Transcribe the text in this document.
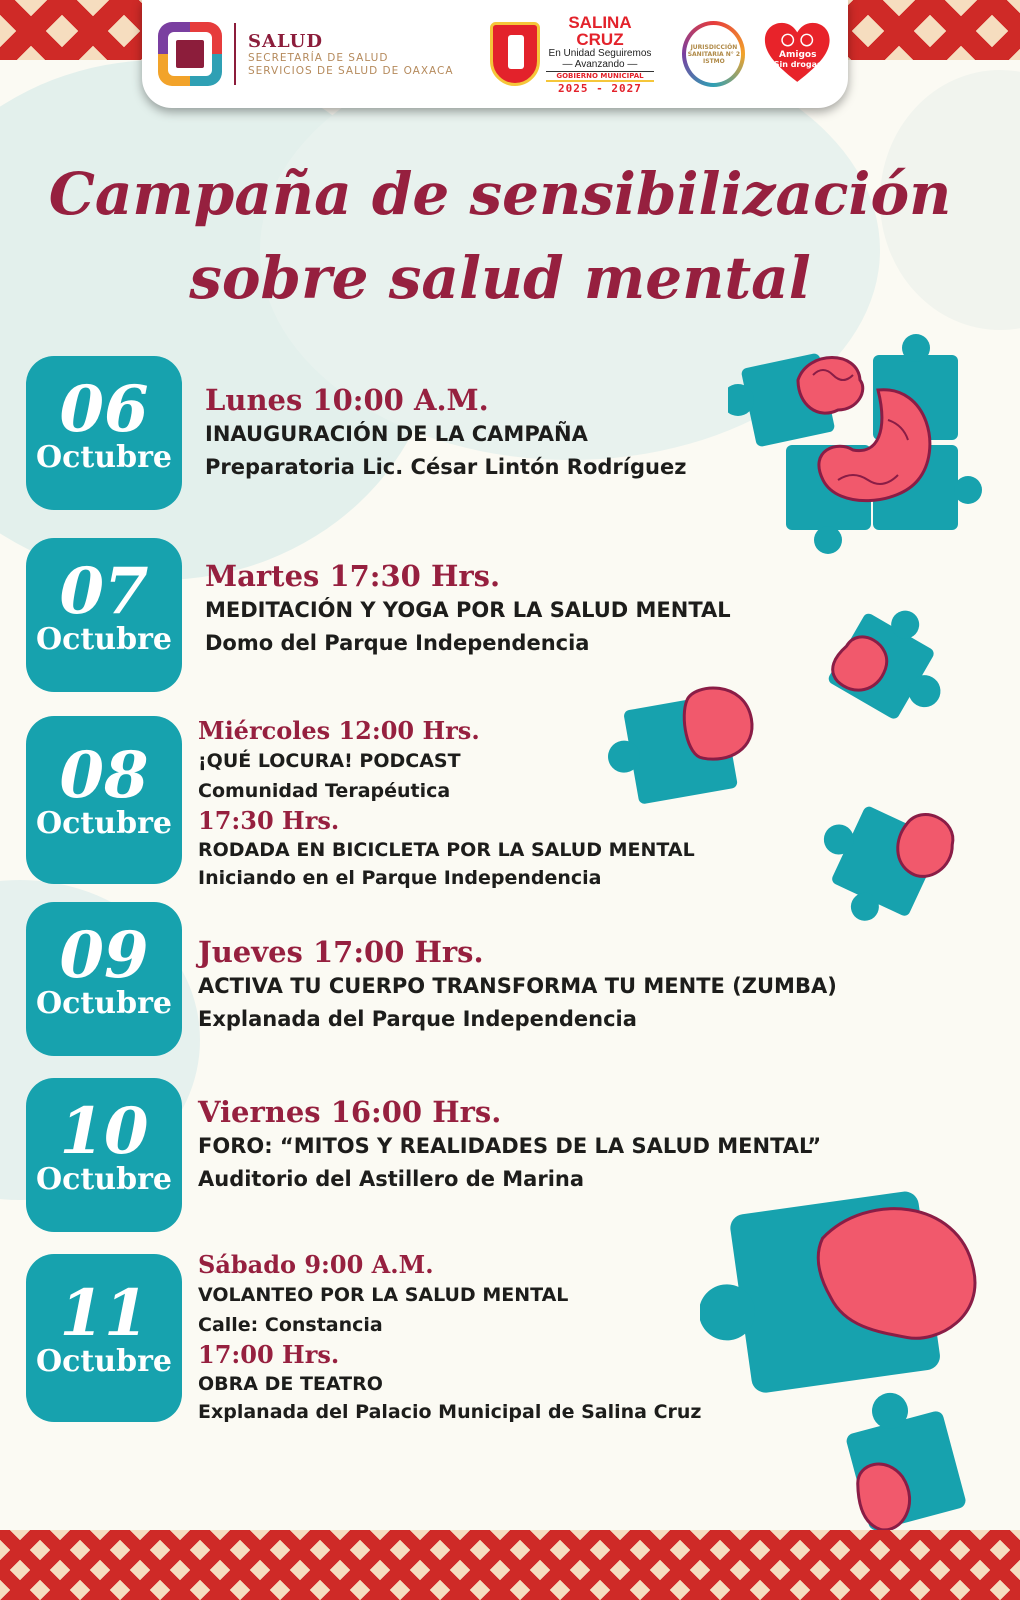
SALUD
SECRETARÍA DE SALUD
SERVICIOS DE SALUD DE OAXACA
SALINA CRUZ
En Unidad Seguiremos
— Avanzando —
GOBIERNO MUNICIPAL
2025 - 2027
JURISDICCIÓN
SANITARIA N° 2
ISTMO
Amigos
Sin drogas
Campaña de sensibilización
sobre salud mental
06
Octubre
Lunes 10:00 A.M.
INAUGURACIÓN DE LA CAMPAÑA
Preparatoria Lic. César Lintón Rodríguez
07
Octubre
Martes 17:30 Hrs.
MEDITACIÓN Y YOGA POR LA SALUD MENTAL
Domo del Parque Independencia
08
Octubre
Miércoles 12:00 Hrs.
¡QUÉ LOCURA! PODCAST
Comunidad Terapéutica
17:30 Hrs.
RODADA EN BICICLETA POR LA SALUD MENTAL
Iniciando en el Parque Independencia
09
Octubre
Jueves 17:00 Hrs.
ACTIVA TU CUERPO TRANSFORMA TU MENTE (ZUMBA)
Explanada del Parque Independencia
10
Octubre
Viernes 16:00 Hrs.
FORO: “MITOS Y REALIDADES DE LA SALUD MENTAL”
Auditorio del Astillero de Marina
11
Octubre
Sábado 9:00 A.M.
VOLANTEO POR LA SALUD MENTAL
Calle: Constancia
17:00 Hrs.
OBRA DE TEATRO
Explanada del Palacio Municipal de Salina Cruz
